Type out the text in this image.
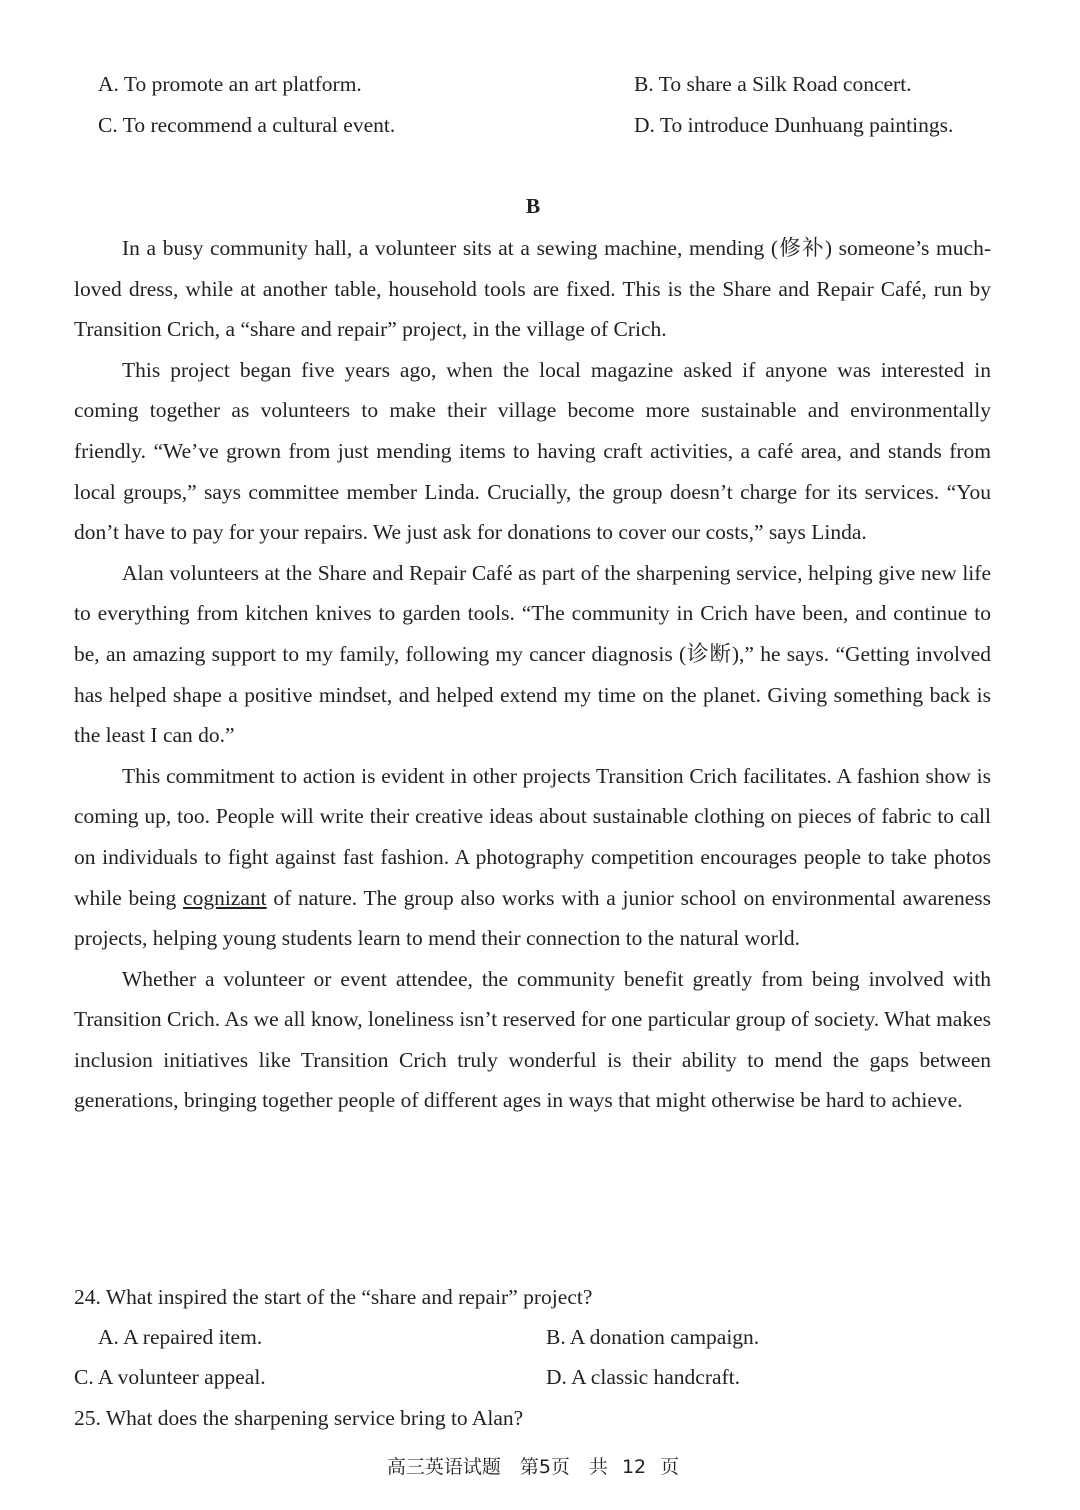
A. To promote an art platform.	B. To share a Silk Road concert.
C. To recommend a cultural event.	D. To introduce Dunhuang paintings.
B

In a busy community hall, a volunteer sits at a sewing machine, mending (修补) someone’s much-loved dress, while at another table, household tools are fixed. This is the Share and Repair Café, run by Transition Crich, a “share and repair” project, in the village of Crich.

This project began five years ago, when the local magazine asked if anyone was interested in coming together as volunteers to make their village become more sustainable and environmentally friendly. “We’ve grown from just mending items to having craft activities, a café area, and stands from local groups,” says committee member Linda. Crucially, the group doesn’t charge for its services. “You don’t have to pay for your repairs. We just ask for donations to cover our costs,” says Linda.

Alan volunteers at the Share and Repair Café as part of the sharpening service, helping give new life to everything from kitchen knives to garden tools. “The community in Crich have been, and continue to be, an amazing support to my family, following my cancer diagnosis (诊断),” he says. “Getting involved has helped shape a positive mindset, and helped extend my time on the planet. Giving something back is the least I can do.”

This commitment to action is evident in other projects Transition Crich facilitates. A fashion show is coming up, too. People will write their creative ideas about sustainable clothing on pieces of fabric to call on individuals to fight against fast fashion. A photography competition encourages people to take photos while being cognizant of nature. The group also works with a junior school on environmental awareness projects, helping young students learn to mend their connection to the natural world.

Whether a volunteer or event attendee, the community benefit greatly from being involved with Transition Crich. As we all know, loneliness isn’t reserved for one particular group of society. What makes inclusion initiatives like Transition Crich truly wonderful is their ability to mend the gaps between generations, bringing together people of different ages in ways that might otherwise be hard to achieve.

24. What inspired the start of the “share and repair” project?
A. A repaired item.	B. A donation campaign.
C. A volunteer appeal.	D. A classic handcraft.
25. What does the sharpening service bring to Alan?
高三英语试题　第5页　共 12 页
